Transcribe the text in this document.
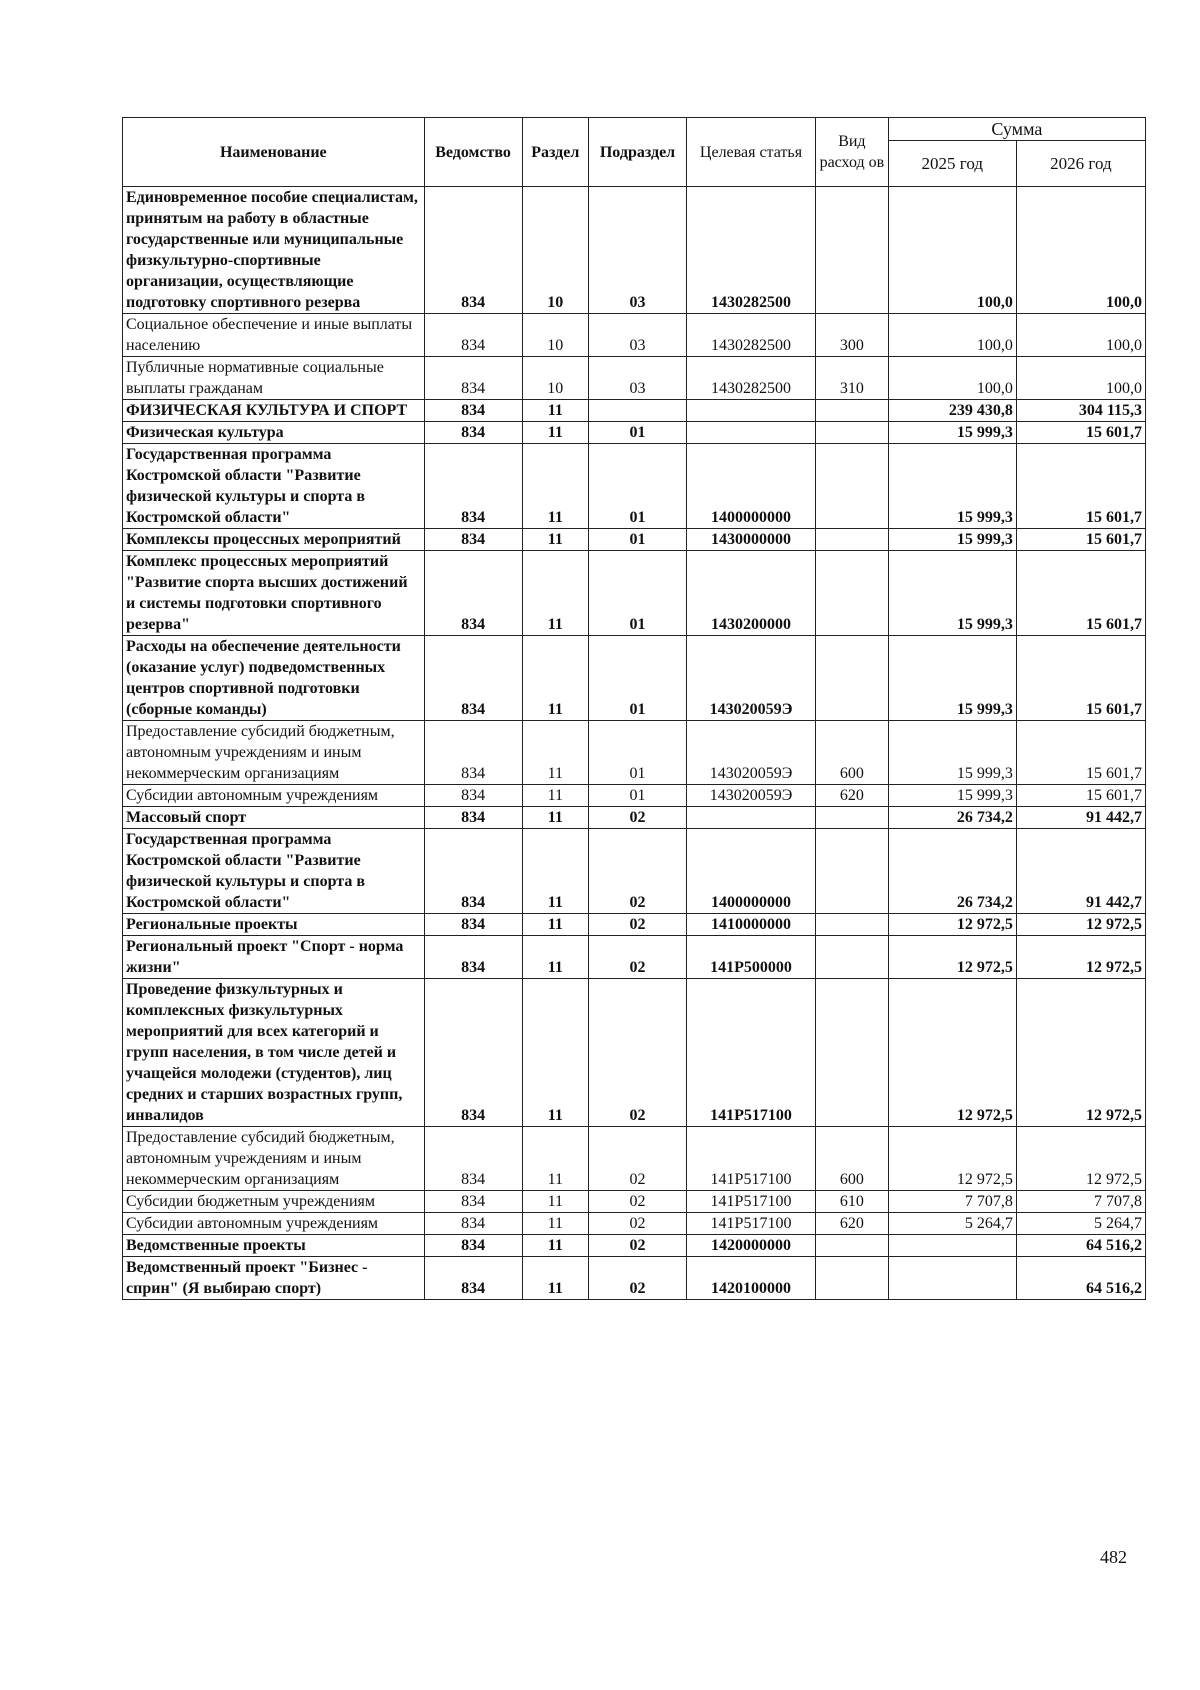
Наименование	Ведомство	Раздел	Подраздел	Целевая статья	Вид расход ов	Сумма	
						2025 год	2026 год
Единовременное пособие специалистам, принятым на работу в областные государственные или муниципальные физкультурно-спортивные организации, осуществляющие подготовку спортивного резерва	834	10	03	1430282500		100,0	100,0
Социальное обеспечение и иные выплаты населению	834	10	03	1430282500	300	100,0	100,0
Публичные нормативные социальные выплаты гражданам	834	10	03	1430282500	310	100,0	100,0
ФИЗИЧЕСКАЯ КУЛЬТУРА И СПОРТ	834	11				239 430,8	304 115,3
Физическая культура	834	11	01			15 999,3	15 601,7
Государственная программа Костромской области "Развитие физической культуры и спорта в Костромской области"	834	11	01	1400000000		15 999,3	15 601,7
Комплексы процессных мероприятий	834	11	01	1430000000		15 999,3	15 601,7
Комплекс процессных мероприятий "Развитие спорта высших достижений и системы подготовки спортивного резерва"	834	11	01	1430200000		15 999,3	15 601,7
Расходы на обеспечение деятельности (оказание услуг) подведомственных центров спортивной подготовки (сборные команды)	834	11	01	143020059Э		15 999,3	15 601,7
Предоставление субсидий бюджетным, автономным учреждениям и иным некоммерческим организациям	834	11	01	143020059Э	600	15 999,3	15 601,7
Субсидии автономным учреждениям	834	11	01	143020059Э	620	15 999,3	15 601,7
Массовый спорт	834	11	02			26 734,2	91 442,7
Государственная программа Костромской области "Развитие физической культуры и спорта в Костромской области"	834	11	02	1400000000		26 734,2	91 442,7
Региональные проекты	834	11	02	1410000000		12 972,5	12 972,5
Региональный проект "Спорт - норма жизни"	834	11	02	141P500000		12 972,5	12 972,5
Проведение физкультурных и комплексных физкультурных мероприятий для всех категорий и групп населения, в том числе детей и учащейся молодежи (студентов), лиц средних и старших возрастных групп, инвалидов	834	11	02	141P517100		12 972,5	12 972,5
Предоставление субсидий бюджетным, автономным учреждениям и иным некоммерческим организациям	834	11	02	141P517100	600	12 972,5	12 972,5
Субсидии бюджетным учреждениям	834	11	02	141P517100	610	7 707,8	7 707,8
Субсидии автономным учреждениям	834	11	02	141P517100	620	5 264,7	5 264,7
Ведомственные проекты	834	11	02	1420000000			64 516,2
Ведомственный проект "Бизнес - сприн" (Я выбираю спорт)	834	11	02	1420100000			64 516,2
482
